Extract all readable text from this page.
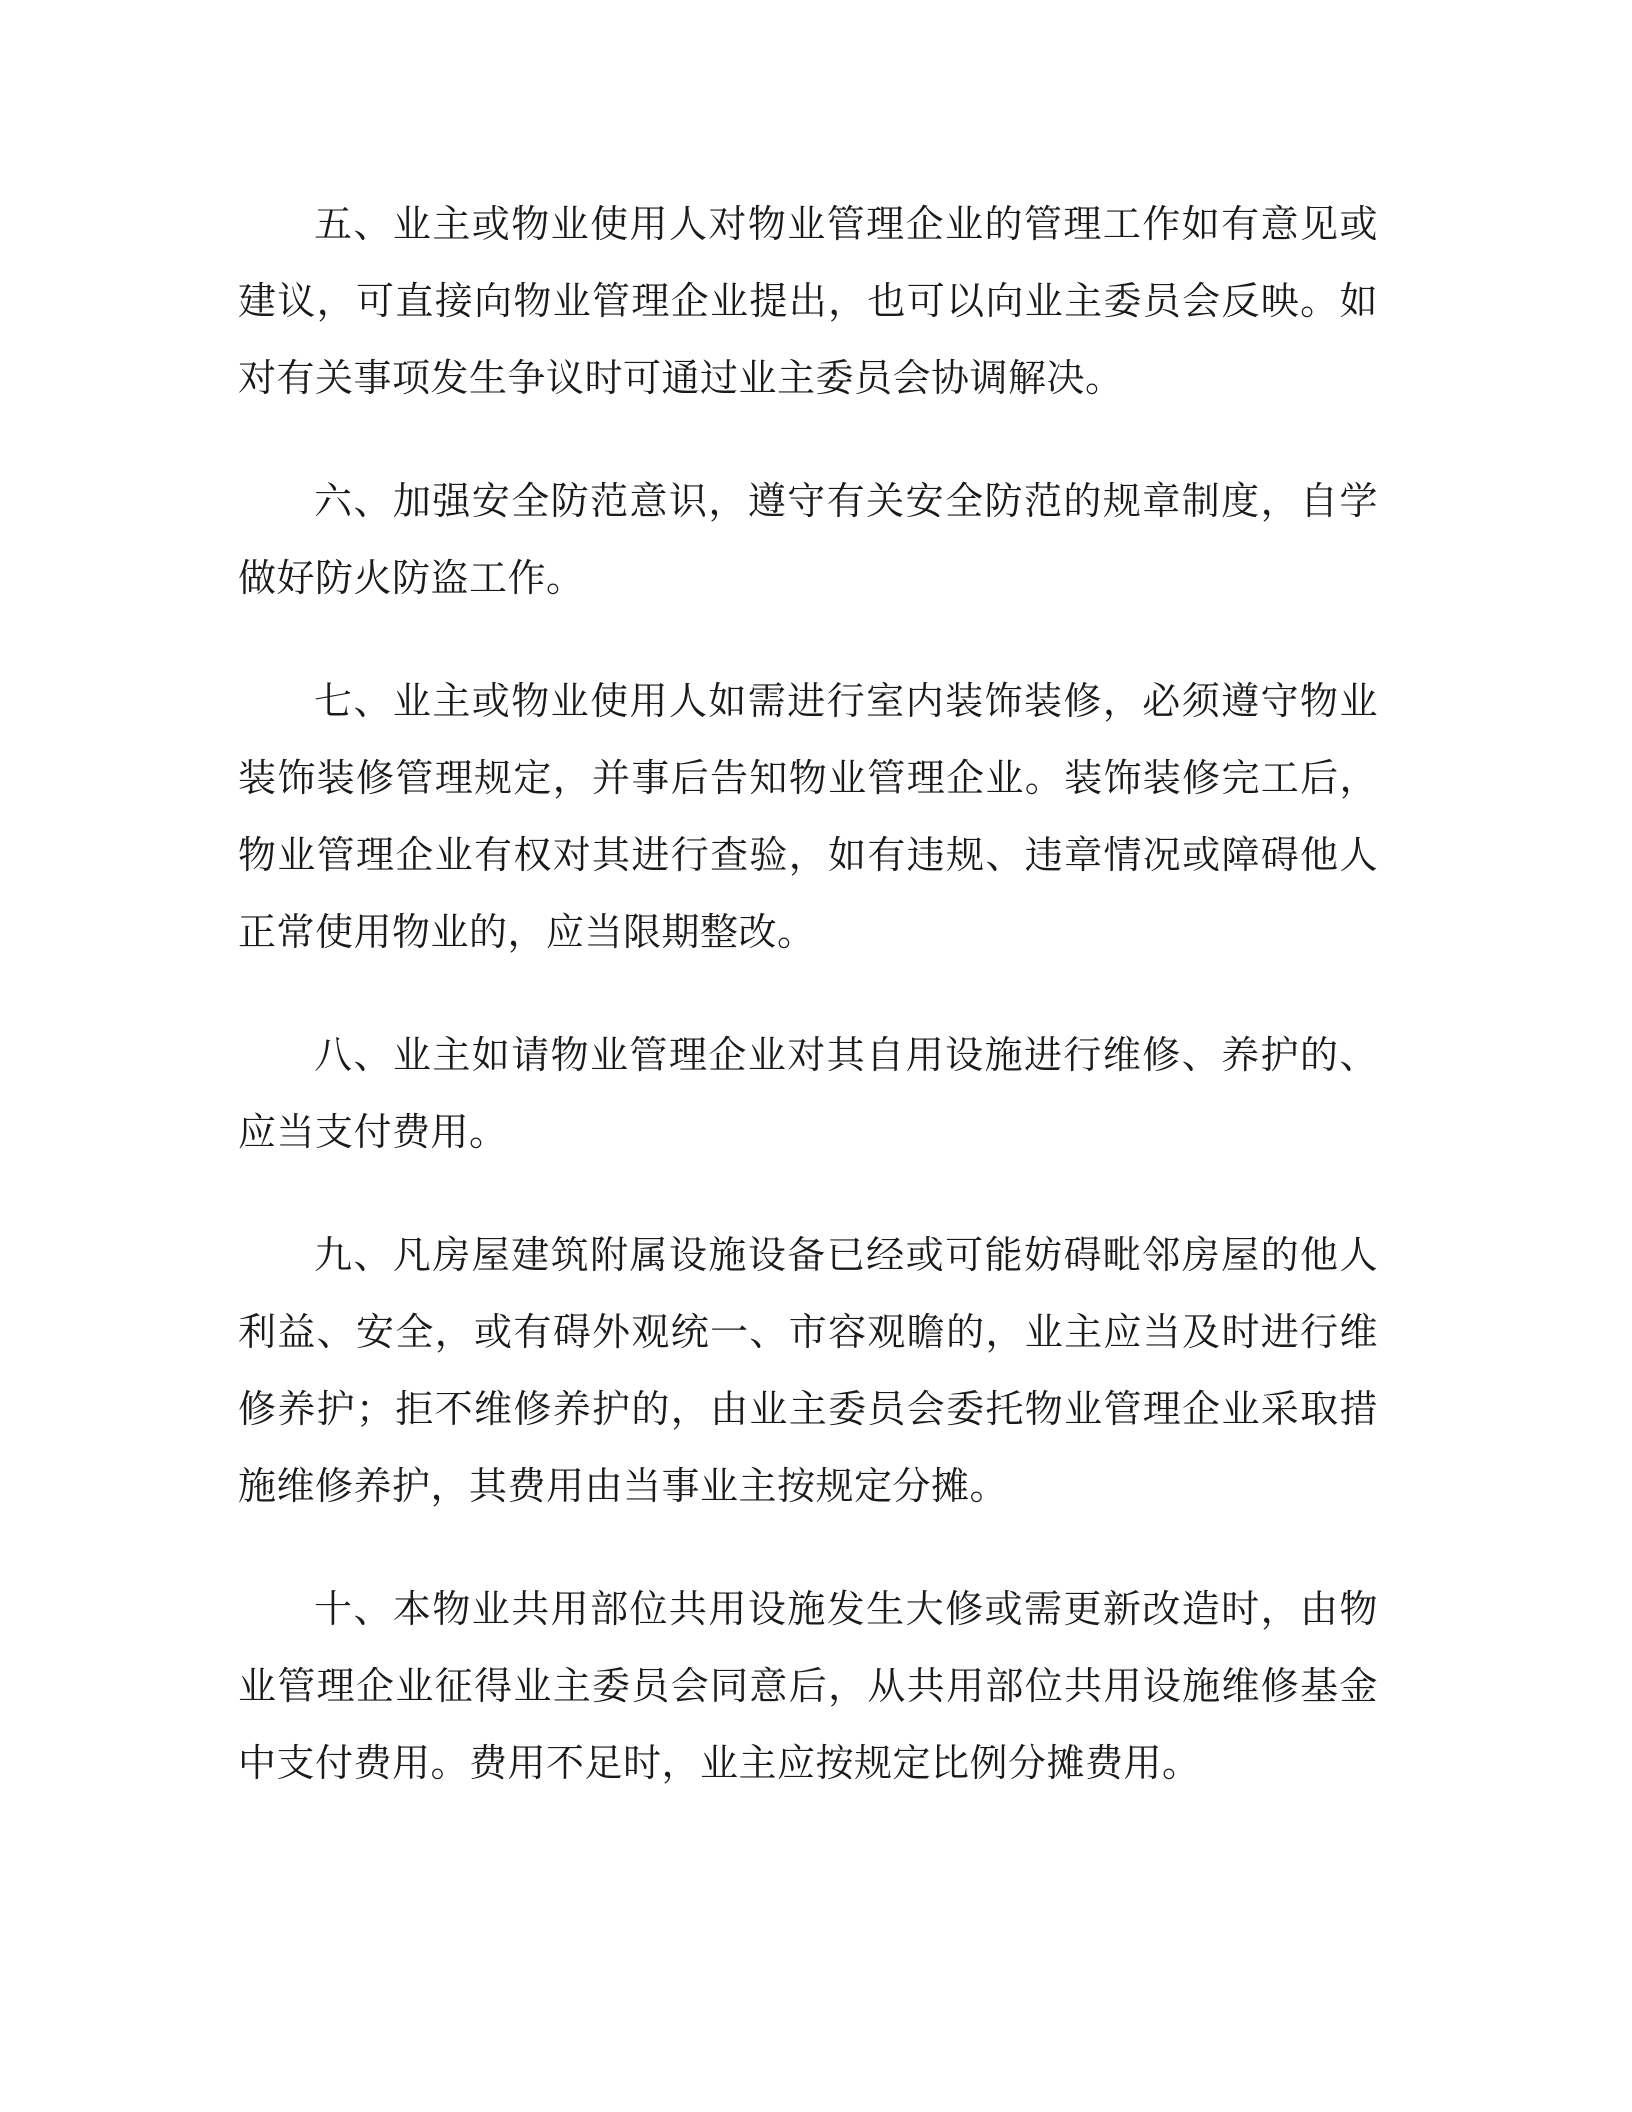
五、业主或物业使用人对物业管理企业的管理工作如有意见或建议，可直接向物业管理企业提出，也可以向业主委员会反映。如对有关事项发生争议时可通过业主委员会协调解决。

六、加强安全防范意识，遵守有关安全防范的规章制度，自学做好防火防盗工作。

七、业主或物业使用人如需进行室内装饰装修，必须遵守物业装饰装修管理规定，并事后告知物业管理企业。装饰装修完工后，物业管理企业有权对其进行查验，如有违规、违章情况或障碍他人正常使用物业的，应当限期整改。

八、业主如请物业管理企业对其自用设施进行维修、养护的、应当支付费用。

九、凡房屋建筑附属设施设备已经或可能妨碍毗邻房屋的他人利益、安全，或有碍外观统一、市容观瞻的，业主应当及时进行维修养护；拒不维修养护的，由业主委员会委托物业管理企业采取措施维修养护，其费用由当事业主按规定分摊。

十、本物业共用部位共用设施发生大修或需更新改造时，由物业管理企业征得业主委员会同意后，从共用部位共用设施维修基金中支付费用。费用不足时，业主应按规定比例分摊费用。
